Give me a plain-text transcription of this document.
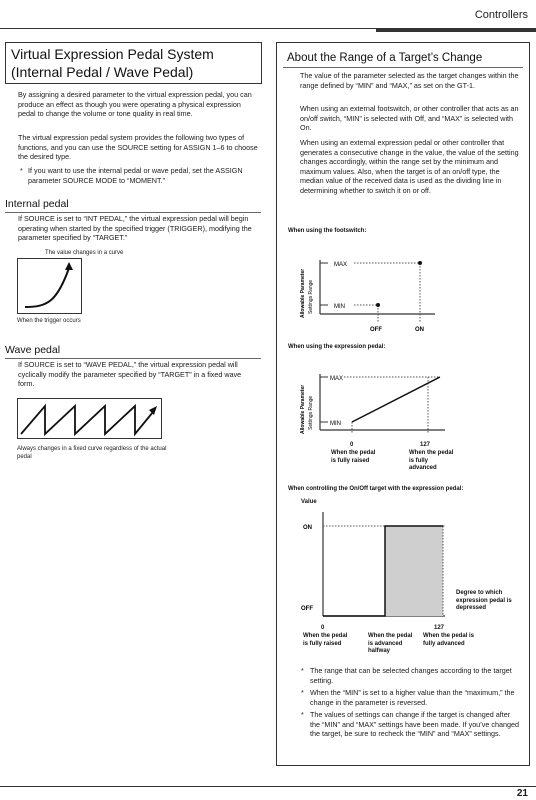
Controllers
Virtual Expression Pedal System (Internal Pedal / Wave Pedal)
By assigning a desired parameter to the virtual expression pedal, you can produce an effect as though you were operating a physical expression pedal to change the volume or tone quality in real time.
The virtual expression pedal system provides the following two types of functions, and you can use the SOURCE setting for ASSIGN 1–6 to choose the desired type.
* If you want to use the internal pedal or wave pedal, set the ASSIGN parameter SOURCE MODE to “MOMENT.”
Internal pedal
If SOURCE is set to “INT PEDAL,” the virtual expression pedal will begin operating when started by the specified trigger (TRIGGER), modifying the parameter specified by “TARGET.”
The value changes in a curve
When the trigger occurs
Wave pedal
If SOURCE is set to “WAVE PEDAL,” the virtual expression pedal will cyclically modify the parameter specified by “TARGET” in a fixed wave form.
Always changes in a fixed curve regardless of the actual pedal
About the Range of a Target’s Change
The value of the parameter selected as the target changes within the range defined by “MIN” and “MAX,” as set on the GT-1.
When using an external footswitch, or other controller that acts as an on/off switch, “MIN” is selected with Off, and “MAX” is selected with On.
When using an external expression pedal or other controller that generates a consecutive change in the value, the value of the setting changes accordingly, within the range set by the minimum and maximum values. Also, when the target is of an on/off type, the median value of the received data is used as the dividing line in determining whether to switch it on or off.
When using the footswitch:
MAX
MIN
OFF	ON
Allowable Parameter Settings Range
When using the expression pedal:
MAX
MIN
Allowable Parameter Settings Range
0	127
When the pedal is fully raised
When the pedal is fully advanced
When controlling the On/Off target with the expression pedal:
Value
ON
OFF
Degree to which expression pedal is depressed
0	127
When the pedal is fully raised
When the pedal is advanced halfway
When the pedal is fully advanced
* The range that can be selected changes according to the target setting.
* When the “MIN” is set to a higher value than the “maximum,” the change in the parameter is reversed.
* The values of settings can change if the target is changed after the “MIN” and “MAX” settings have been made. If you’ve changed the target, be sure to recheck the “MIN” and “MAX” settings.
21
